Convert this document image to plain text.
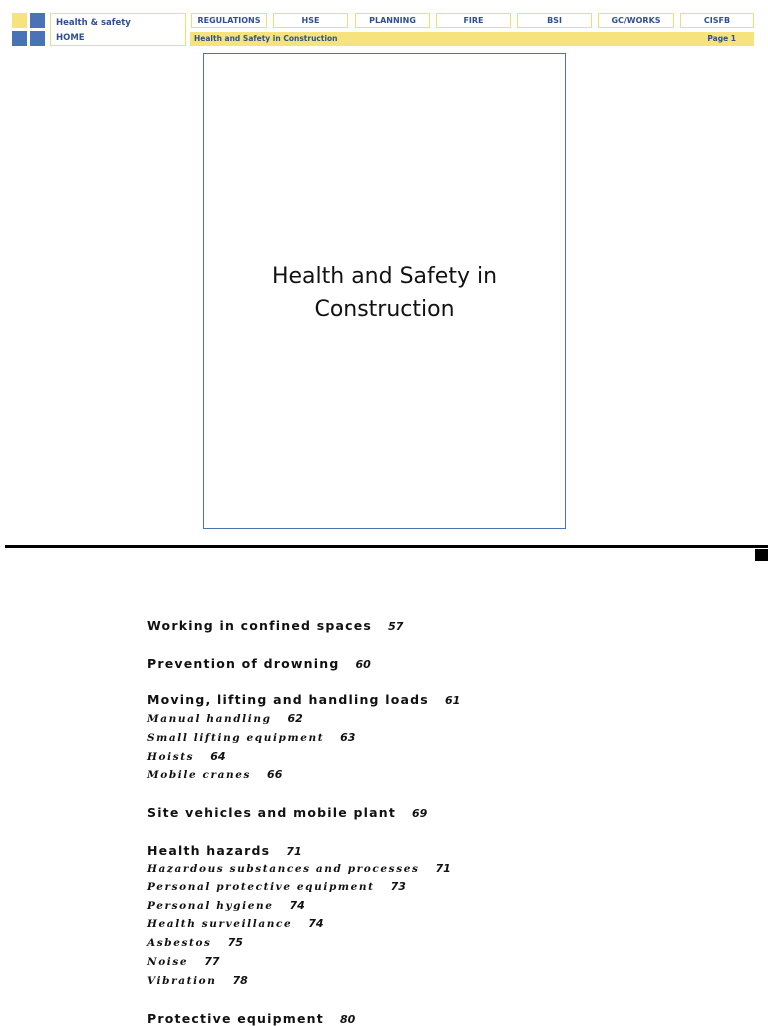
Health & safety
HOME
REGULATIONS	HSE	PLANNING	FIRE	BSI	GC/WORKS	CISFB
Health and Safety in Construction	Page 1
Health and Safety in Construction
Working in confined spaces 57
Prevention of drowning 60
Moving, lifting and handling loads 61
Manual handling 62
Small lifting equipment 63
Hoists 64
Mobile cranes 66
Site vehicles and mobile plant 69
Health hazards 71
Hazardous substances and processes 71
Personal protective equipment 73
Personal hygiene 74
Health surveillance 74
Asbestos 75
Noise 77
Vibration 78
Protective equipment 80
